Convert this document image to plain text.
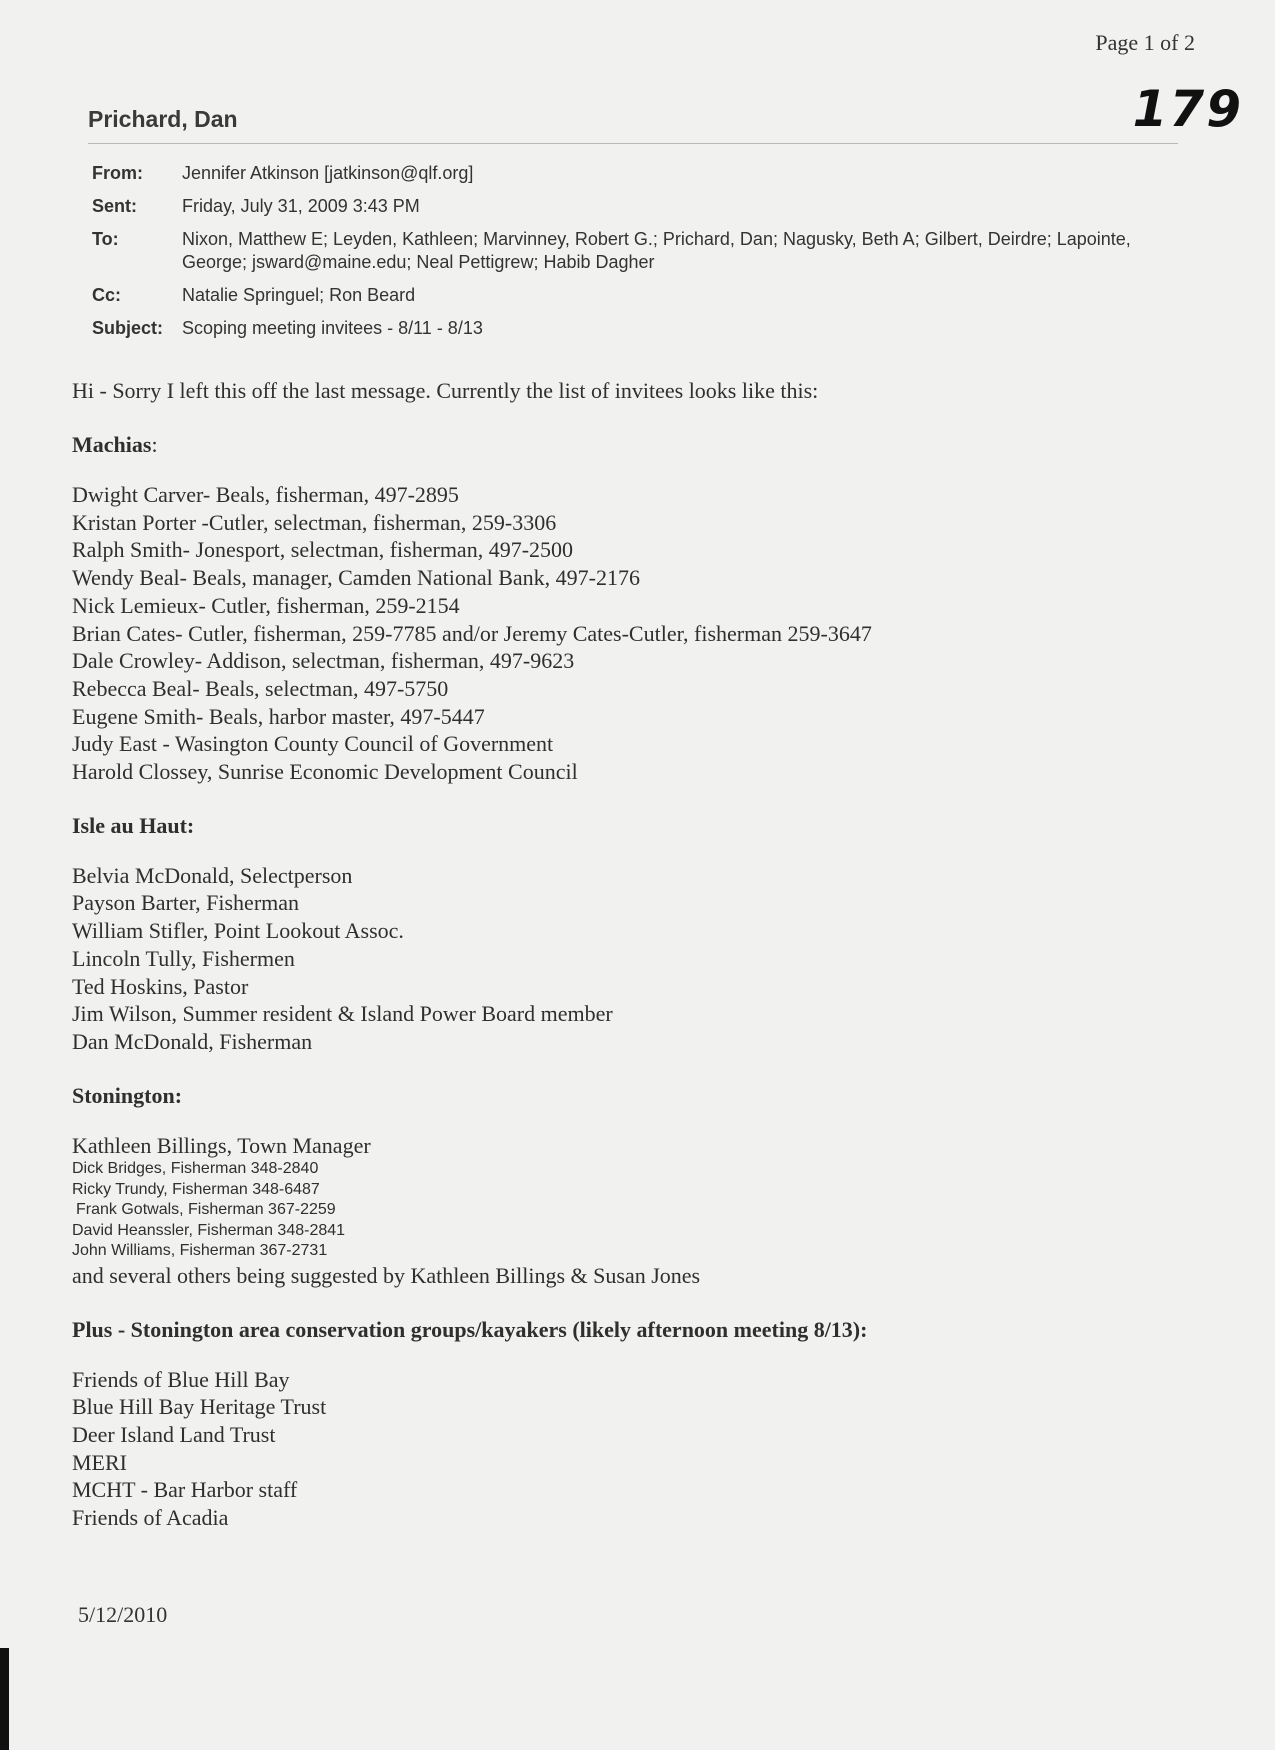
Page 1 of 2
179
Prichard, Dan
From:	Jennifer Atkinson [jatkinson@qlf.org]
Sent:	Friday, July 31, 2009 3:43 PM
To:	Nixon, Matthew E; Leyden, Kathleen; Marvinney, Robert G.; Prichard, Dan; Nagusky, Beth A; Gilbert, Deirdre; Lapointe, George; jsward@maine.edu; Neal Pettigrew; Habib Dagher
Cc:	Natalie Springuel; Ron Beard
Subject:	Scoping meeting invitees - 8/11 - 8/13

Hi - Sorry I left this off the last message. Currently the list of invitees looks like this:

Machias:
Dwight Carver- Beals, fisherman, 497-2895
Kristan Porter -Cutler, selectman, fisherman, 259-3306
Ralph Smith- Jonesport, selectman, fisherman, 497-2500
Wendy Beal- Beals, manager, Camden National Bank, 497-2176
Nick Lemieux- Cutler, fisherman, 259-2154
Brian Cates- Cutler, fisherman, 259-7785 and/or Jeremy Cates-Cutler, fisherman 259-3647
Dale Crowley- Addison, selectman, fisherman, 497-9623
Rebecca Beal- Beals, selectman, 497-5750
Eugene Smith- Beals, harbor master, 497-5447
Judy East - Wasington County Council of Government
Harold Clossey, Sunrise Economic Development Council
Isle au Haut:
Belvia McDonald, Selectperson
Payson Barter, Fisherman
William Stifler, Point Lookout Assoc.
Lincoln Tully, Fishermen
Ted Hoskins, Pastor
Jim Wilson, Summer resident & Island Power Board member
Dan McDonald, Fisherman
Stonington:
Kathleen Billings, Town Manager
Dick Bridges, Fisherman 348-2840
Ricky Trundy, Fisherman 348-6487
Frank Gotwals, Fisherman 367-2259
David Heanssler, Fisherman 348-2841
John Williams, Fisherman 367-2731
and several others being suggested by Kathleen Billings & Susan Jones
Plus - Stonington area conservation groups/kayakers (likely afternoon meeting 8/13):
Friends of Blue Hill Bay
Blue Hill Bay Heritage Trust
Deer Island Land Trust
MERI
MCHT - Bar Harbor staff
Friends of Acadia
5/12/2010
